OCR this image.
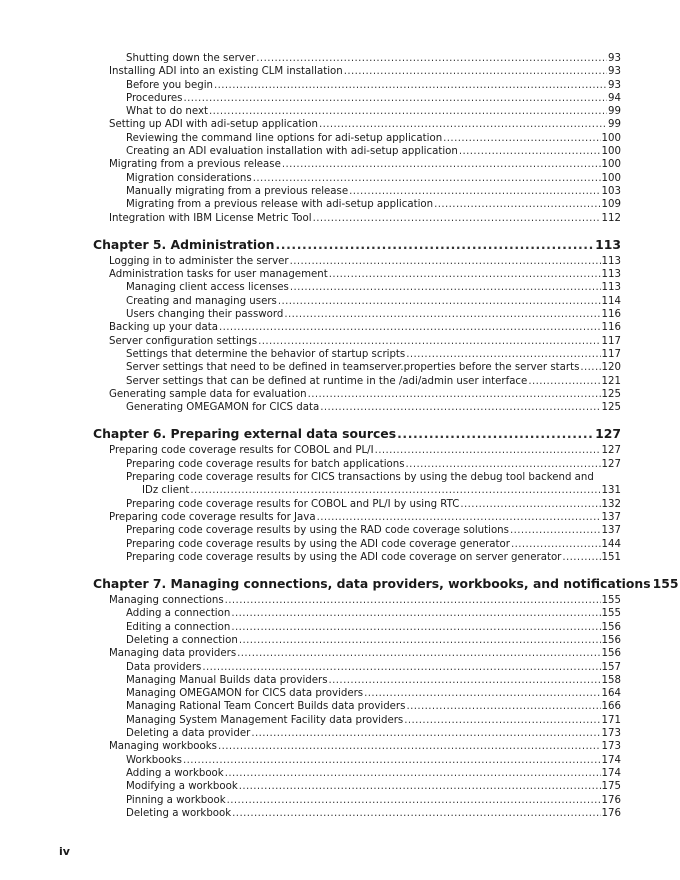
Shutting down the server .....	93
Installing ADI into an existing CLM installation .....	93
Before you begin .....	93
Procedures .....	94
What to do next .....	99
Setting up ADI with adi-setup application .....	99
Reviewing the command line options for adi-setup application .....	100
Creating an ADI evaluation installation with adi-setup application .....	100
Migrating from a previous release .....	100
Migration considerations .....	100
Manually migrating from a previous release .....	103
Migrating from a previous release with adi-setup application .....	109
Integration with IBM License Metric Tool .....	112
Chapter 5. Administration .....	113
Logging in to administer the server .....	113
Administration tasks for user management .....	113
Managing client access licenses .....	113
Creating and managing users .....	114
Users changing their password .....	116
Backing up your data .....	116
Server configuration settings .....	117
Settings that determine the behavior of startup scripts .....	117
Server settings that need to be defined in teamserver.properties before the server starts ..... 120
Server settings that can be defined at runtime in the /adi/admin user interface .....	121
Generating sample data for evaluation .....	125
Generating OMEGAMON for CICS data .....	125
Chapter 6. Preparing external data sources .....	127
Preparing code coverage results for COBOL and PL/I .....	127
Preparing code coverage results for batch applications .....	127
Preparing code coverage results for CICS transactions by using the debug tool backend and
IDz client .....	131
Preparing code coverage results for COBOL and PL/I by using RTC .....	132
Preparing code coverage results for Java .....	137
Preparing code coverage results by using the RAD code coverage solutions .....	137
Preparing code coverage results by using the ADI code coverage generator .....	144
Preparing code coverage results by using the ADI code coverage on server generator .....	151
Chapter 7. Managing connections, data providers, workbooks, and notifications 155
Managing connections .....	155
Adding a connection .....	155
Editing a connection .....	156
Deleting a connection .....	156
Managing data providers .....	156
Data providers .....	157
Managing Manual Builds data providers .....	158
Managing OMEGAMON for CICS data providers .....	164
Managing Rational Team Concert Builds data providers .....	166
Managing System Management Facility data providers .....	171
Deleting a data provider .....	173
Managing workbooks .....	173
Workbooks .....	174
Adding a workbook .....	174
Modifying a workbook .....	175
Pinning a workbook .....	176
Deleting a workbook .....	176
iv
